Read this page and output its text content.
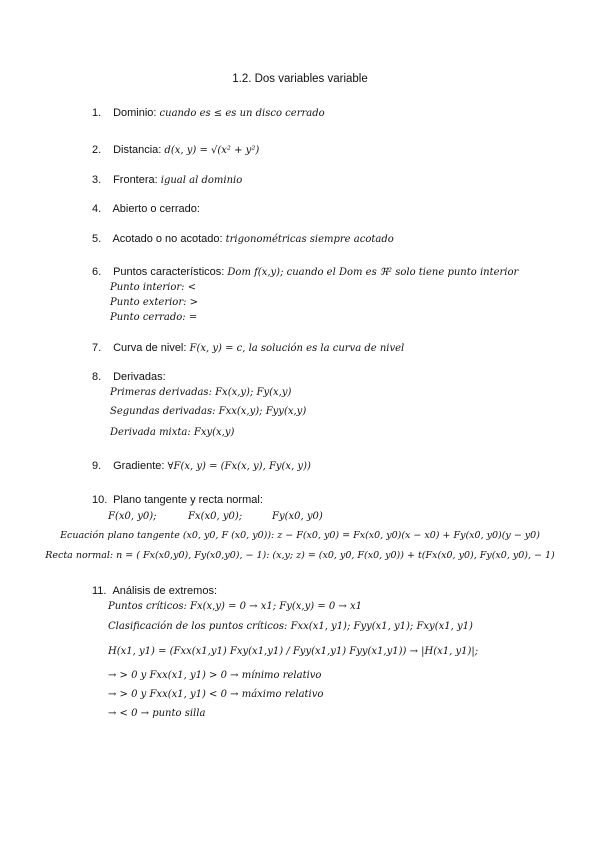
1.2. Dos variables variable
1. Dominio: cuando es ≤ es un disco cerrado
2. Distancia: d(x, y) = √(x² + y²)
3. Frontera: igual al dominio
4. Abierto o cerrado:
5. Acotado o no acotado: trigonométricas siempre acotado
6. Puntos característicos: Dom f(x,y); cuando el Dom es ℜ² solo tiene punto interior
Punto interior: <
Punto exterior: >
Punto cerrado: =
7. Curva de nivel: F(x, y) = c, la solución es la curva de nivel
8. Derivadas:
Primeras derivadas: Fx(x,y); Fy(x,y)
Segundas derivadas: Fxx(x,y); Fyy(x,y)
Derivada mixta: Fxy(x,y)
9. Gradiente: ∀F(x, y) = (Fx(x, y), Fy(x, y))
10. Plano tangente y recta normal:
F(x0, y0);	Fx(x0, y0);	Fy(x0, y0)
Ecuación plano tangente (x0, y0, F (x0, y0)): z − F(x0, y0) = Fx(x0, y0)(x − x0) + Fy(x0, y0)(y − y0)
Recta normal: n = ( Fx(x0,y0), Fy(x0,y0), − 1): (x,y; z) = (x0, y0, F(x0, y0)) + t(Fx(x0, y0), Fy(x0, y0), − 1)
11. Análisis de extremos:
Puntos críticos: Fx(x,y) = 0 → x1; Fy(x,y) = 0 → x1
Clasificación de los puntos críticos: Fxx(x1, y1); Fyy(x1, y1); Fxy(x1, y1)
H(x1, y1) = (Fxx(x1,y1) Fxy(x1,y1) / Fyy(x1,y1) Fyy(x1,y1)) → |H(x1, y1)|;
→ > 0 y Fxx(x1, y1) > 0 → mínimo relativo
→ > 0 y Fxx(x1, y1) < 0 → máximo relativo
→ < 0 → punto silla
